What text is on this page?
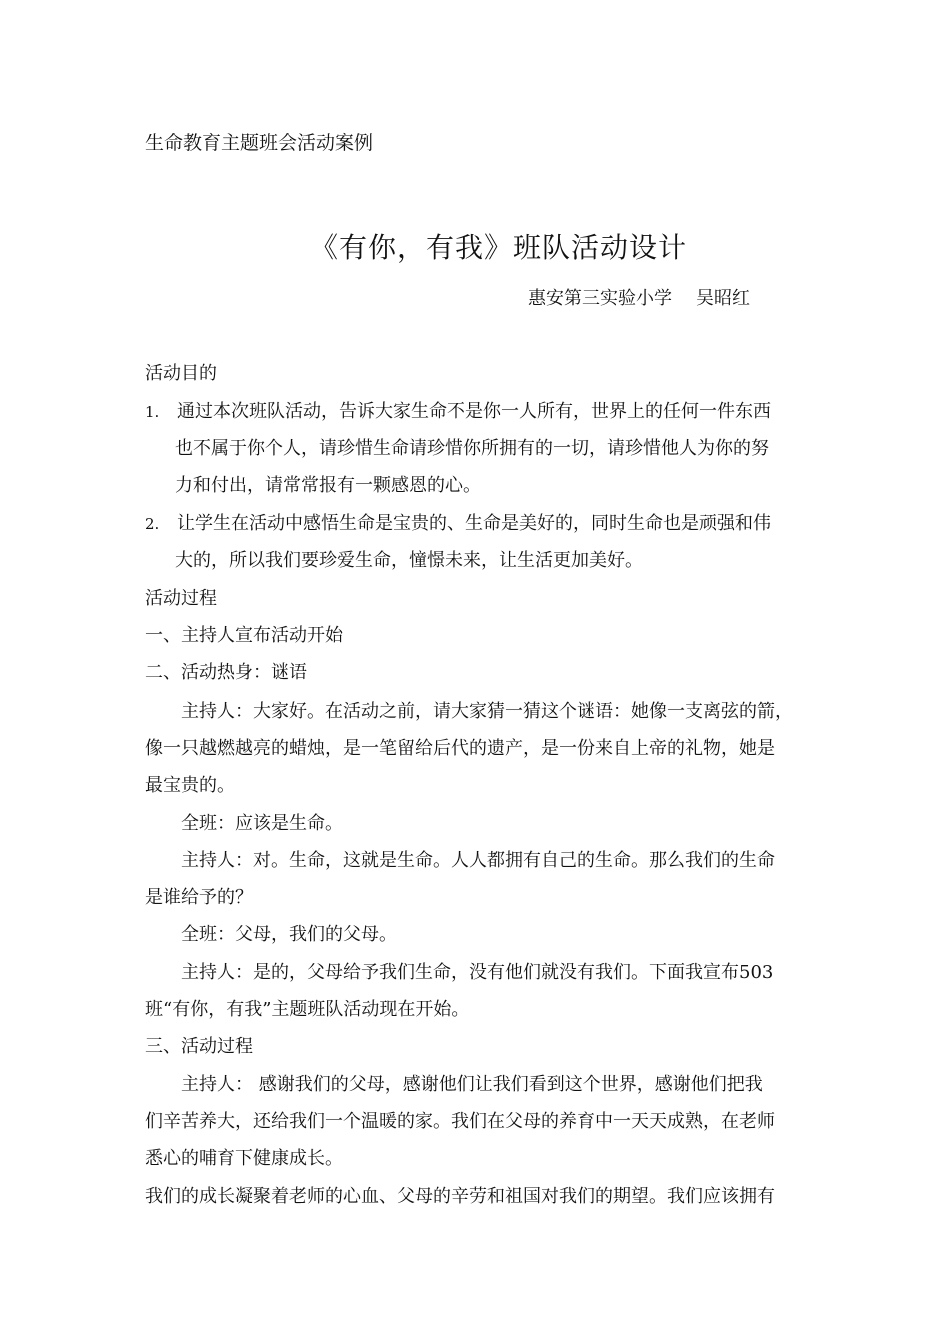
生命教育主题班会活动案例
《有你，有我》班队活动设计
惠安第三实验小学 吴昭红
活动目的
1. 通过本次班队活动，告诉大家生命不是你一人所有，世界上的任何一件东西
也不属于你个人，请珍惜生命请珍惜你所拥有的一切，请珍惜他人为你的努
力和付出，请常常报有一颗感恩的心。
2. 让学生在活动中感悟生命是宝贵的、生命是美好的，同时生命也是顽强和伟
大的，所以我们要珍爱生命，憧憬未来，让生活更加美好。
活动过程
一、主持人宣布活动开始
二、活动热身：谜语
主持人：大家好。在活动之前，请大家猜一猜这个谜语：她像一支离弦的箭，
像一只越燃越亮的蜡烛，是一笔留给后代的遗产，是一份来自上帝的礼物，她是
最宝贵的。
全班：应该是生命。
主持人：对。生命，这就是生命。人人都拥有自己的生命。那么我们的生命
是谁给予的？
全班：父母，我们的父母。
主持人：是的，父母给予我们生命，没有他们就没有我们。下面我宣布503
班“有你，有我”主题班队活动现在开始。
三、活动过程
主持人： 感谢我们的父母，感谢他们让我们看到这个世界，感谢他们把我
们辛苦养大，还给我们一个温暖的家。我们在父母的养育中一天天成熟，在老师
悉心的哺育下健康成长。
我们的成长凝聚着老师的心血、父母的辛劳和祖国对我们的期望。我们应该拥有
